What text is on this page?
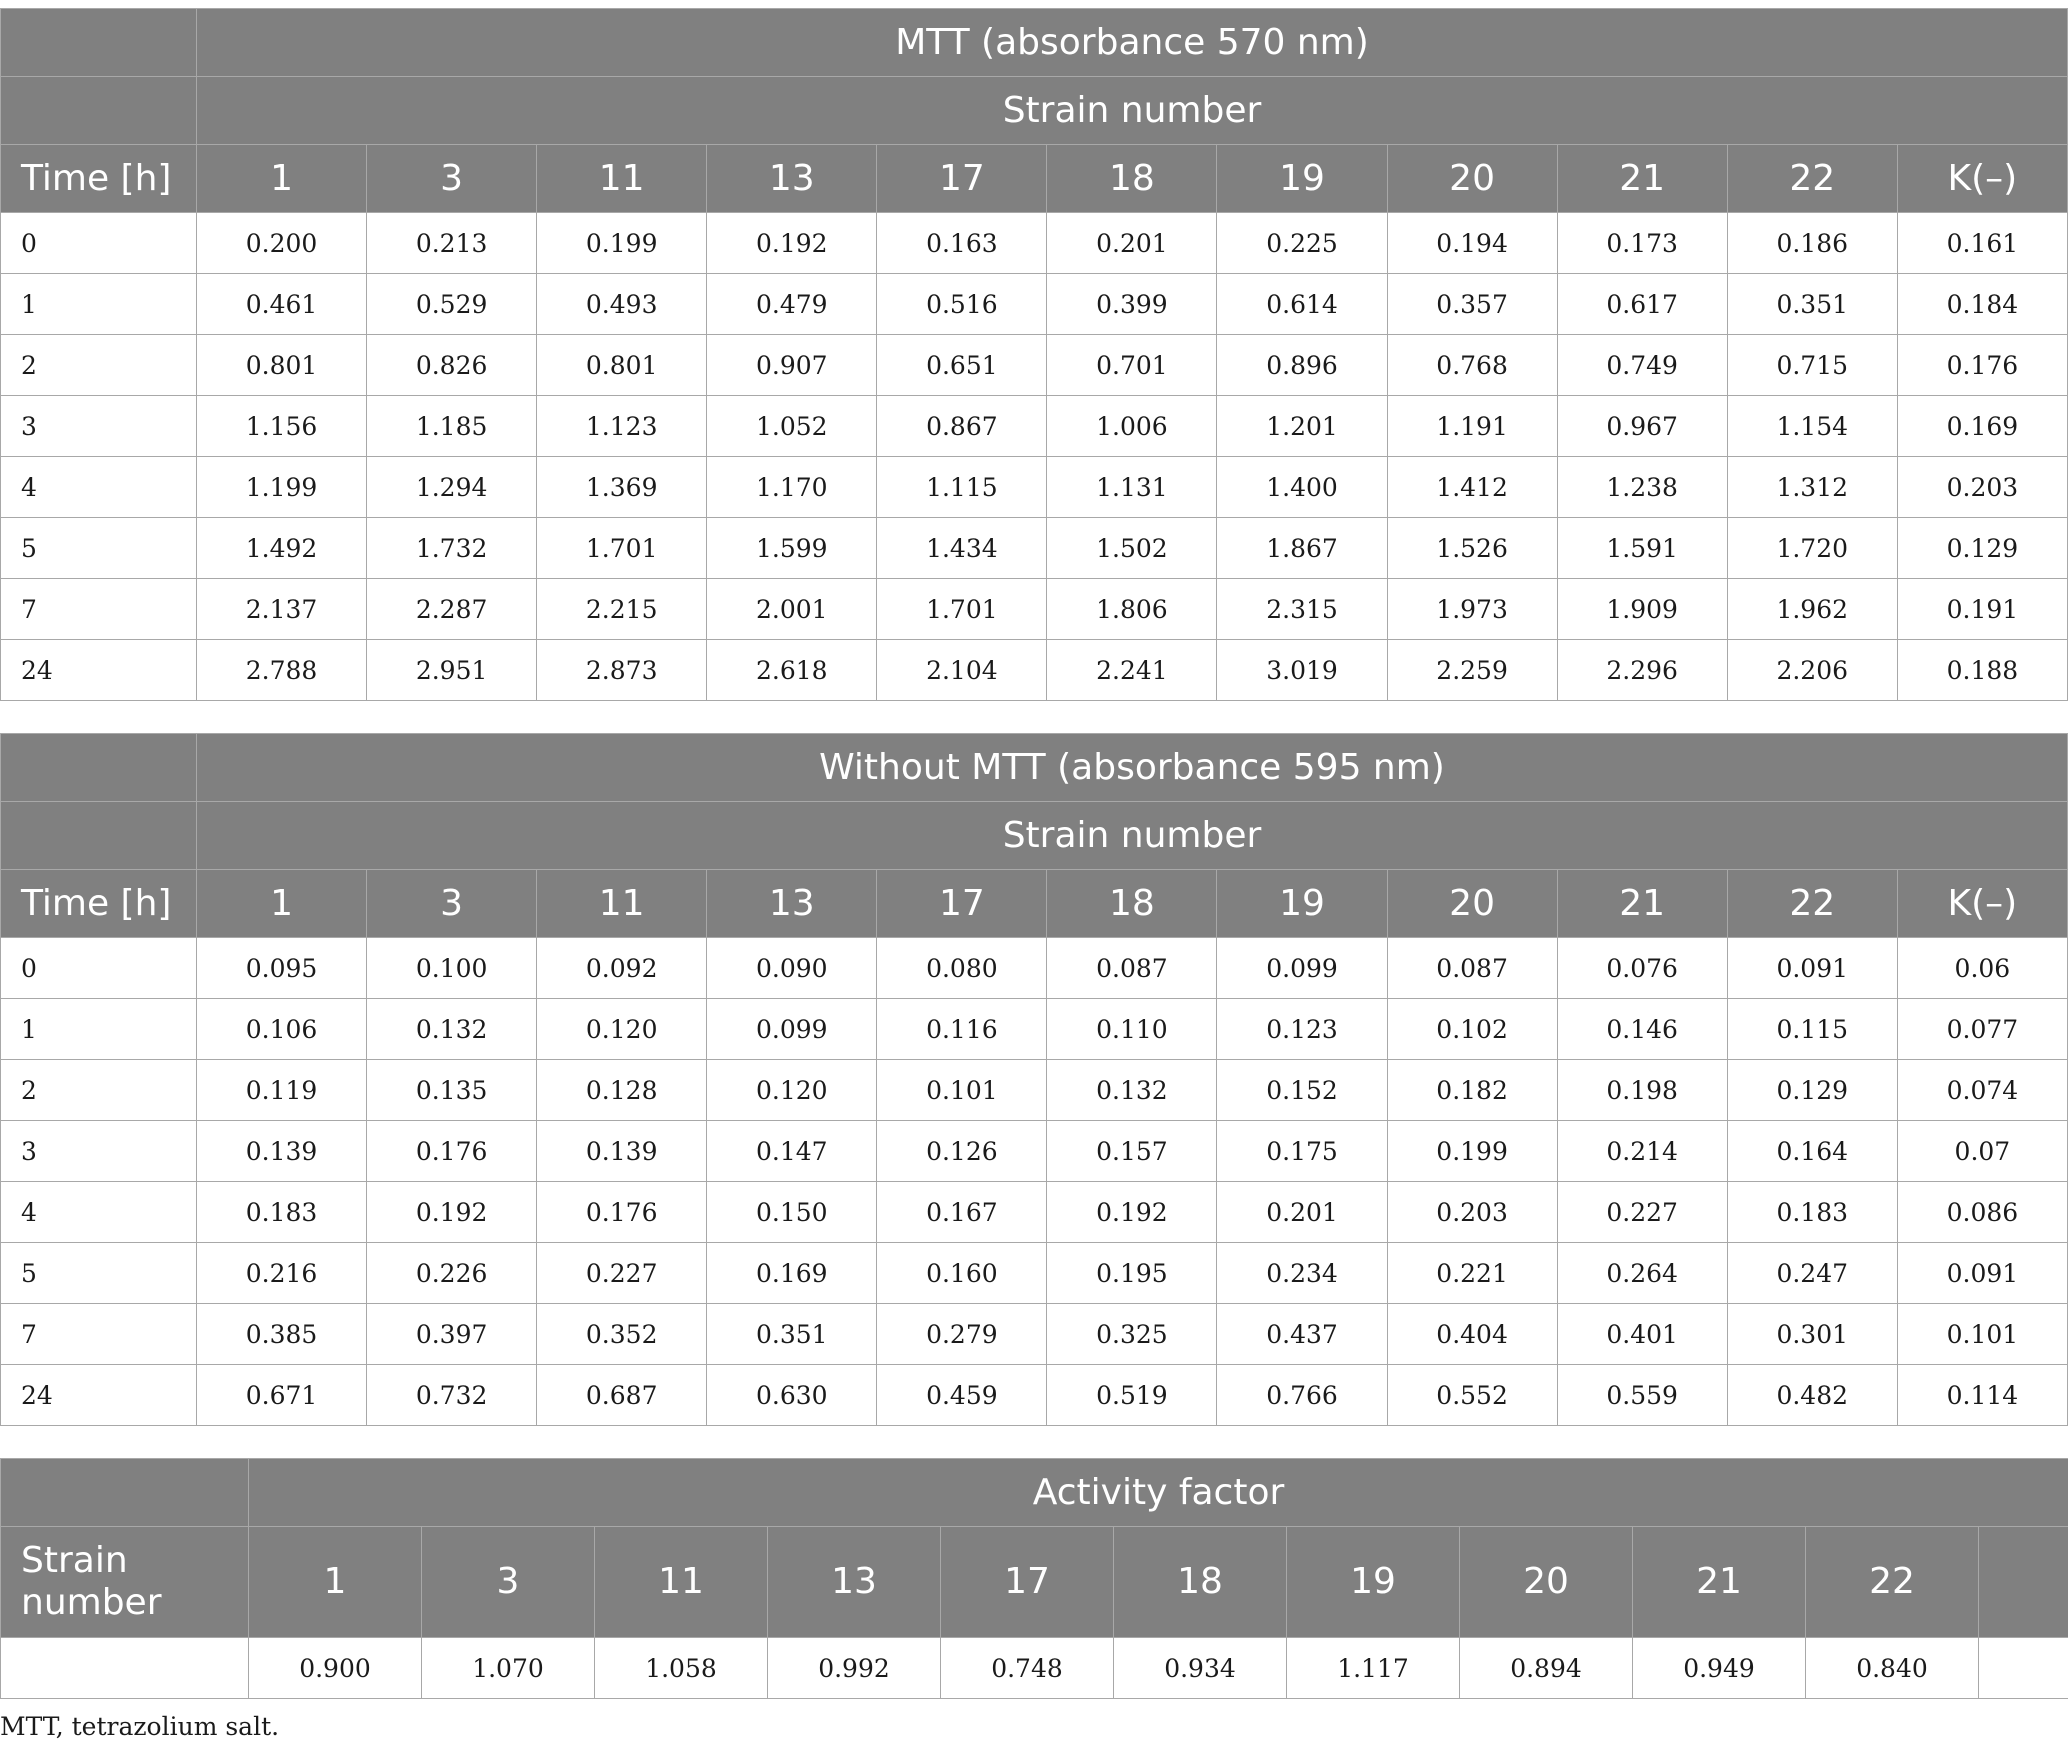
	MTT (absorbance 570 nm)										
	Strain number										
Time [h]	1	3	11	13	17	18	19	20	21	22	K(–)
0	0.200	0.213	0.199	0.192	0.163	0.201	0.225	0.194	0.173	0.186	0.161
1	0.461	0.529	0.493	0.479	0.516	0.399	0.614	0.357	0.617	0.351	0.184
2	0.801	0.826	0.801	0.907	0.651	0.701	0.896	0.768	0.749	0.715	0.176
3	1.156	1.185	1.123	1.052	0.867	1.006	1.201	1.191	0.967	1.154	0.169
4	1.199	1.294	1.369	1.170	1.115	1.131	1.400	1.412	1.238	1.312	0.203
5	1.492	1.732	1.701	1.599	1.434	1.502	1.867	1.526	1.591	1.720	0.129
7	2.137	2.287	2.215	2.001	1.701	1.806	2.315	1.973	1.909	1.962	0.191
24	2.788	2.951	2.873	2.618	2.104	2.241	3.019	2.259	2.296	2.206	0.188
	Without MTT (absorbance 595 nm)										
	Strain number										
Time [h]	1	3	11	13	17	18	19	20	21	22	K(–)
0	0.095	0.100	0.092	0.090	0.080	0.087	0.099	0.087	0.076	0.091	0.06
1	0.106	0.132	0.120	0.099	0.116	0.110	0.123	0.102	0.146	0.115	0.077
2	0.119	0.135	0.128	0.120	0.101	0.132	0.152	0.182	0.198	0.129	0.074
3	0.139	0.176	0.139	0.147	0.126	0.157	0.175	0.199	0.214	0.164	0.07
4	0.183	0.192	0.176	0.150	0.167	0.192	0.201	0.203	0.227	0.183	0.086
5	0.216	0.226	0.227	0.169	0.160	0.195	0.234	0.221	0.264	0.247	0.091
7	0.385	0.397	0.352	0.351	0.279	0.325	0.437	0.404	0.401	0.301	0.101
24	0.671	0.732	0.687	0.630	0.459	0.519	0.766	0.552	0.559	0.482	0.114
	Activity factor										
Strain number	1	3	11	13	17	18	19	20	21	22	
	0.900	1.070	1.058	0.992	0.748	0.934	1.117	0.894	0.949	0.840	
MTT, tetrazolium salt.
